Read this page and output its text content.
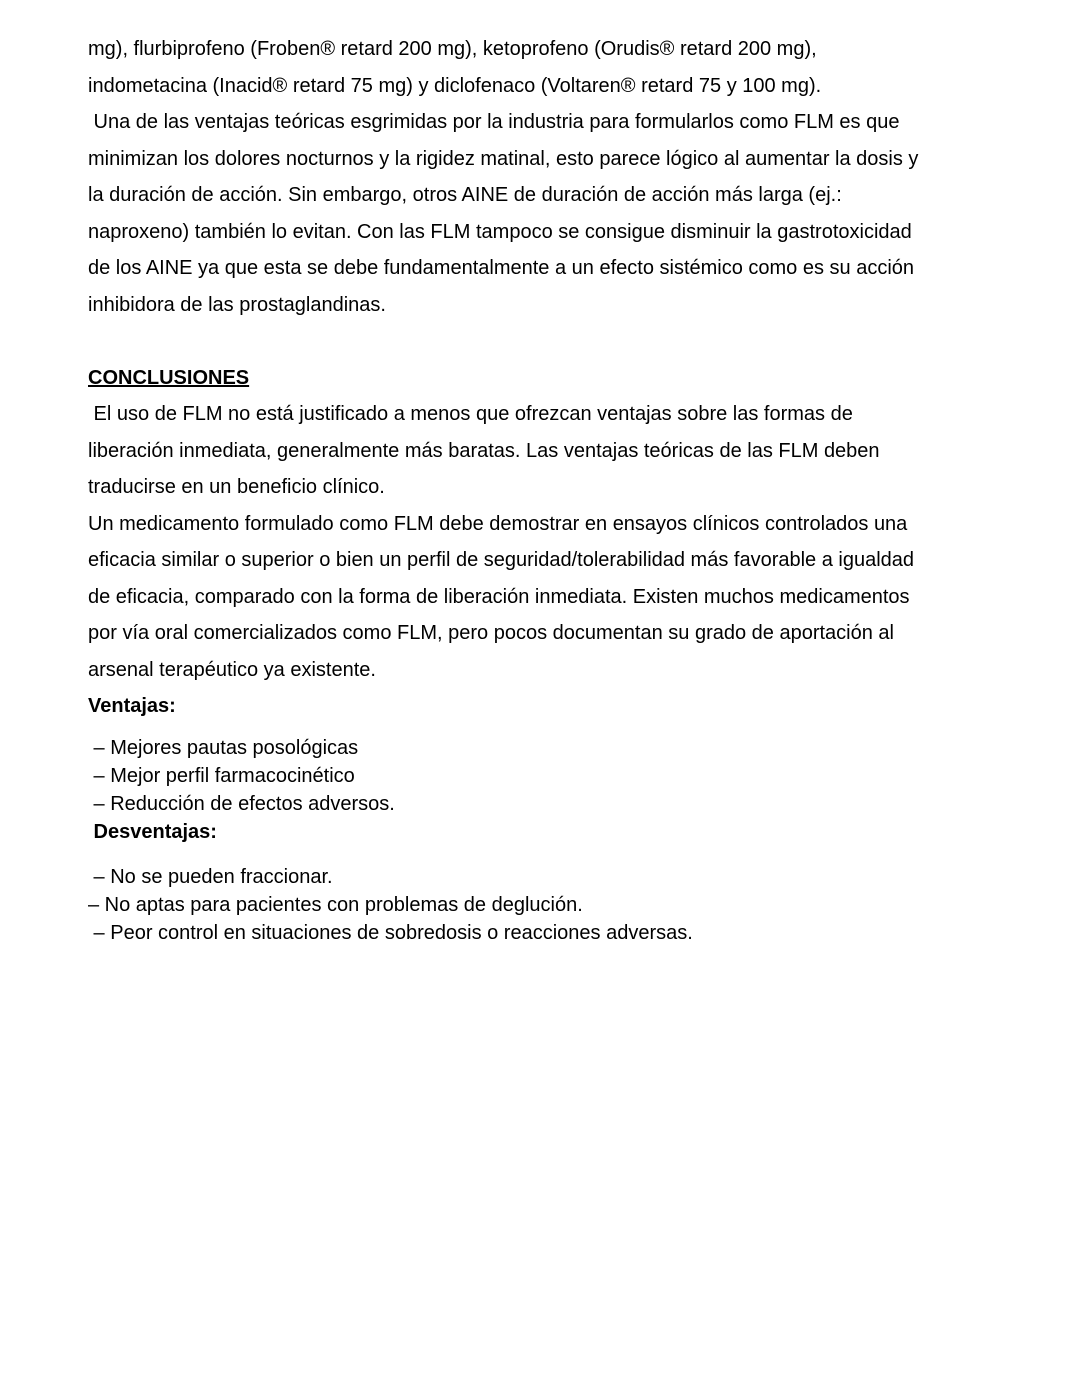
mg), flurbiprofeno (Froben® retard 200 mg), ketoprofeno (Orudis® retard 200 mg),
indometacina (Inacid® retard 75 mg) y diclofenaco (Voltaren® retard 75 y 100 mg).
Una de las ventajas teóricas esgrimidas por la industria para formularlos como FLM es que
minimizan los dolores nocturnos y la rigidez matinal, esto parece lógico al aumentar la dosis y
la duración de acción. Sin embargo, otros AINE de duración de acción más larga (ej.:
naproxeno) también lo evitan. Con las FLM tampoco se consigue disminuir la gastrotoxicidad
de los AINE ya que esta se debe fundamentalmente a un efecto sistémico como es su acción
inhibidora de las prostaglandinas.
CONCLUSIONES
El uso de FLM no está justificado a menos que ofrezcan ventajas sobre las formas de
liberación inmediata, generalmente más baratas. Las ventajas teóricas de las FLM deben
traducirse en un beneficio clínico.
Un medicamento formulado como FLM debe demostrar en ensayos clínicos controlados una
eficacia similar o superior o bien un perfil de seguridad/tolerabilidad más favorable a igualdad
de eficacia, comparado con la forma de liberación inmediata. Existen muchos medicamentos
por vía oral comercializados como FLM, pero pocos documentan su grado de aportación al
arsenal terapéutico ya existente.
Ventajas:
– Mejores pautas posológicas
– Mejor perfil farmacocinético
– Reducción de efectos adversos.
Desventajas:
– No se pueden fraccionar.
– No aptas para pacientes con problemas de deglución.
– Peor control en situaciones de sobredosis o reacciones adversas.
